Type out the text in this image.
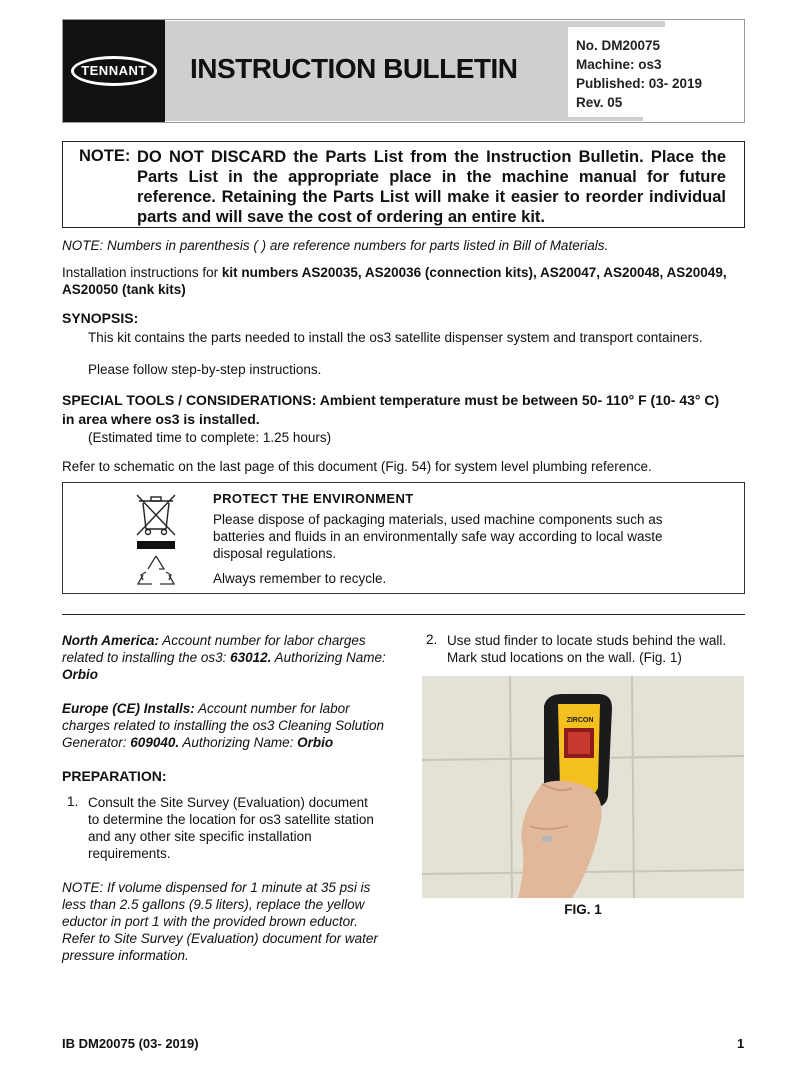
TENNANT INSTRUCTION BULLETIN
No. DM20075
Machine: os3
Published: 03- 2019
Rev. 05
NOTE: DO NOT DISCARD the Parts List from the Instruction Bulletin. Place the Parts List in the appropriate place in the machine manual for future reference. Retaining the Parts List will make it easier to reorder individual parts and will save the cost of ordering an entire kit.
NOTE: Numbers in parenthesis ( ) are reference numbers for parts listed in Bill of Materials.
Installation instructions for kit numbers AS20035, AS20036 (connection kits), AS20047, AS20048, AS20049, AS20050 (tank kits)
SYNOPSIS:
This kit contains the parts needed to install the os3 satellite dispenser system and transport containers.
Please follow step-by-step instructions.
SPECIAL TOOLS / CONSIDERATIONS: Ambient temperature must be between 50- 110° F (10- 43° C) in area where os3 is installed.
(Estimated time to complete: 1.25 hours)
Refer to schematic on the last page of this document (Fig. 54) for system level plumbing reference.
PROTECT THE ENVIRONMENT
Please dispose of packaging materials, used machine components such as batteries and fluids in an environmentally safe way according to local waste disposal regulations.
Always remember to recycle.

North America: Account number for labor charges related to installing the os3: 63012. Authorizing Name: Orbio

Europe (CE) Installs: Account number for labor charges related to installing the os3 Cleaning Solution Generator: 609040. Authorizing Name: Orbio

PREPARATION:

1. Consult the Site Survey (Evaluation) document to determine the location for os3 satellite station and any other site specific installation requirements.

NOTE: If volume dispensed for 1 minute at 35 psi is less than 2.5 gallons (9.5 liters), replace the yellow eductor in port 1 with the provided brown eductor. Refer to Site Survey (Evaluation) document for water pressure information.

2. Use stud finder to locate studs behind the wall. Mark stud locations on the wall. (Fig. 1)

ZIRCON
FIG. 1
IB DM20075 (03- 2019)	1
